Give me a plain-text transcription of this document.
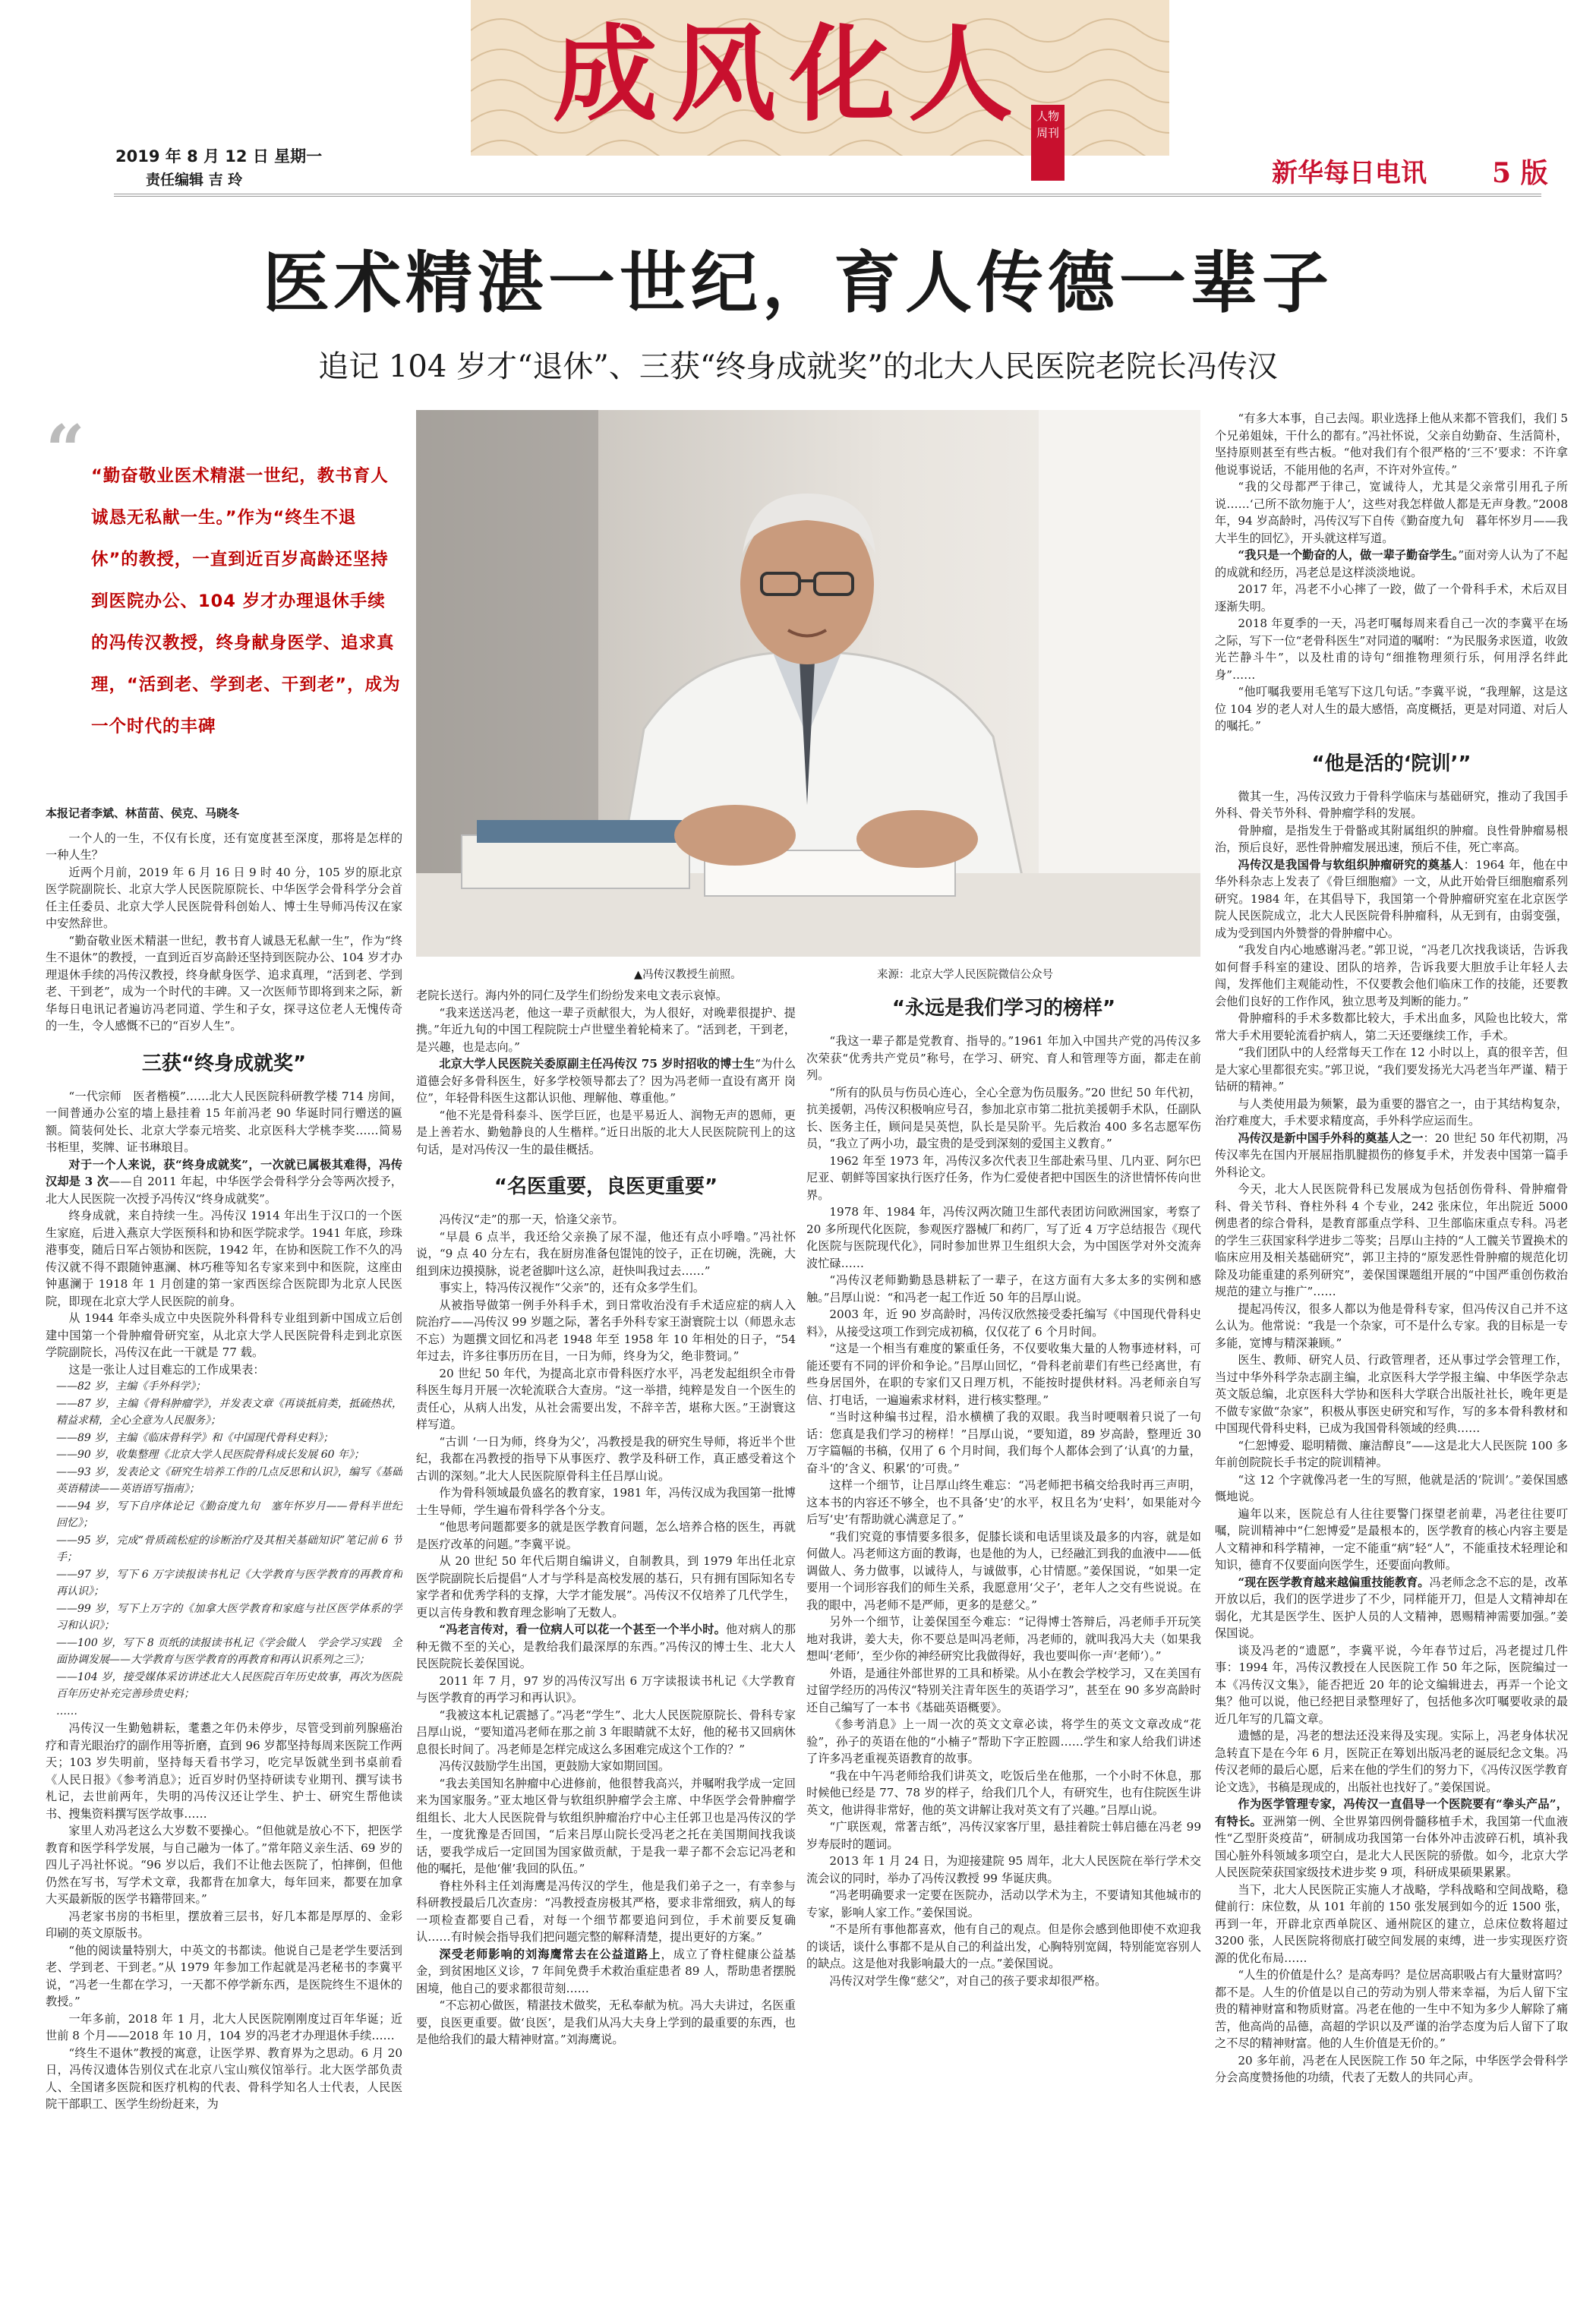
成风化人 人物周刊
2019 年 8 月 12 日 星期一
责任编辑 吉 玲	新华每日电讯 5 版
医术精湛一世纪，育人传德一辈子
追记 104 岁才“退休”、三获“终身成就奖”的北大人民医院老院长冯传汉
“ “勤奋敬业医术精湛一世纪，教书育人诚恳无私献一生。”作为“终生不退休”的教授，一直到近百岁高龄还坚持到医院办公、104 岁才办理退休手续的冯传汉教授，终身献身医学、追求真理，“活到老、学到老、干到老”，成为一个时代的丰碑
▲冯传汉教授生前照。	来源：北京大学人民医院微信公众号

本报记者李斌、林苗苗、侯克、马晓冬

一个人的一生，不仅有长度，还有宽度甚至深度，那将是怎样的一种人生？

近两个月前，2019 年 6 月 16 日 9 时 40 分，105 岁的原北京医学院副院长、北京大学人民医院原院长、中华医学会骨科学分会首任主任委员、北京大学人民医院骨科创始人、博士生导师冯传汉在家中安然辞世。

“勤奋敬业医术精湛一世纪，教书育人诚恳无私献一生”，作为“终生不退休”的教授，一直到近百岁高龄还坚持到医院办公、104 岁才办理退休手续的冯传汉教授，终身献身医学、追求真理，“活到老、学到老、干到老”，成为一个时代的丰碑。又一次医师节即将到来之际，新华每日电讯记者遍访冯老同道、学生和子女，探寻这位老人无愧传奇的一生，令人感慨不已的“百岁人生”。

三获“终身成就奖”

“一代宗师　医者楷模”……北大人民医院科研教学楼 714 房间，一间普通办公室的墙上悬挂着 15 年前冯老 90 华诞时同行赠送的匾额。简装何处长、北京大学泰元培奖、北京医科大学桃李奖……简易书柜里，奖牌、证书琳琅目。

对于一个人来说，获“终身成就奖”，一次就已属极其难得，冯传汉却是 3 次——自 2011 年起，中华医学会骨科学分会等两次授予，北大人民医院一次授予冯传汉“终身成就奖”。

终身成就，来自持续一生。冯传汉 1914 年出生于汉口的一个医生家庭，后进入燕京大学医预科和协和医学院求学。1941 年底，珍珠港事变，随后日军占领协和医院，1942 年，在协和医院工作不久的冯传汉就不得不跟随钟惠澜、林巧稚等知名专家来到中和医院，这座由钟惠澜于 1918 年 1 月创建的第一家西医综合医院即为北京人民医院，即现在北京大学人民医院的前身。

从 1944 年牵头成立中央医院外科骨科专业组到新中国成立后创建中国第一个骨肿瘤骨研究室，从北京大学人民医院骨科走到北京医学院副院长，冯传汉在此一干就是 77 载。

这是一张让人过目难忘的工作成果表：

——82 岁，主编《手外科学》；

——87 岁，主编《骨科肿瘤学》，并发表文章《再谈抵肩类，抵硫热状，精益求精，全心全意为人民服务》；

——89 岁，主编《临床骨科学》和《中国现代骨科史料》；

——90 岁，收集整理《北京大学人民医院骨科成长发展 60 年》；

——93 岁，发表论文《研究生培养工作的几点反思和认识》，编写《基础英语精读——英语语写指南》；

——94 岁，写下自序体论记《勤奋度九旬　塞年怀岁月——骨科半世纪回忆》；

——95 岁，完成“骨质疏松症的诊断治疗及其相关基础知识”笔记前 6 节手；

——97 岁，写下 6 万字读报读书札记《大学教育与医学教育的再教育和再认识》；

——99 岁，写下上万字的《加拿大医学教育和家庭与社区医学体系的学习和认识》；

——100 岁，写下 8 页纸的读报读书札记《学会做人　学会学习实践　全面协调发展——大学教育与医学教育的再教育和再认识系列之三》；

——104 岁，接受媒体采访讲述北大人民医院百年历史故事，再次为医院百年历史补充完善珍贵史料；

……

冯传汉一生勤勉耕耘，耄耋之年仍未停步，尽管受到前列腺癌治疗和青光眼治疗的副作用等折磨，直到 96 岁都坚持每周来医院工作两天；103 岁失明前，坚持每天看书学习，吃完早饭就坐到书桌前看《人民日报》《参考消息》；近百岁时仍坚持研读专业期刊、撰写读书札记，去世前两年，失明的冯传汉还让学生、护士、研究生帮他读书、搜集资料撰写医学故事……

家里人劝冯老这么大岁数不要操心。“但他就是放心不下，把医学教育和医学科学发展，与自己融为一体了。”常年陪义亲生活、69 岁的四儿子冯社怀说。“96 岁以后，我们不让他去医院了，怕摔倒，但他仍然在写书，写学术文章，我都背在加拿大，每年回来，都要在加拿大买最新版的医学书籍带回来。”

冯老家书房的书柜里，摆放着三层书，好几本都是厚厚的、金彩印刷的英文原版书。

“他的阅读量特别大，中英文的书都读。他说自己是老学生要活到老、学到老、干到老。”从 1979 年参加工作起就是冯老秘书的李冀平说，“冯老一生都在学习，一天都不停学新东西，是医院终生不退休的教授。”

一年多前，2018 年 1 月，北大人民医院刚刚度过百年华诞；近世前 8 个月——2018 年 10 月，104 岁的冯老才办理退休手续……

“终生不退休”教授的寓意，让医学界、教育界为之思动。6 月 20 日，冯传汉遗体告别仪式在北京八宝山殡仪馆举行。北大医学部负责人、全国诸多医院和医疗机构的代表、骨科学知名人士代表，人民医院干部职工、医学生纷纷赶来，为

老院长送行。海内外的同仁及学生们纷纷发来电文表示哀悼。

“我来送送冯老，他这一辈子贡献很大，为人很好，对晚辈很提护、提携。”年近九旬的中国工程院院士卢世璧坐着轮椅来了。“活到老，干到老，是兴趣，也是志向。”

北京大学人民医院关委原副主任冯传汉 75 岁时招收的博士生“为什么道德会好多骨科医生，好多学校领导都去了？因为冯老师一直设有离开 岗位”，年轻骨科医生这都认识他、理解他、尊重他。”

“他不光是骨科泰斗、医学巨匠，也是平易近人、润物无声的恩师，更是上善若水、勤勉静良的人生楷样。”近日出版的北大人民医院院刊上的这句话，是对冯传汉一生的最佳概括。

“名医重要，良医更重要”

冯传汉“走”的那一天，恰逢父亲节。

“早晨 6 点半，我还给父亲换了尿不湿，他还有点小呼噜。”冯社怀说，“9 点 40 分左右，我在厨房准备包馄饨的饺子，正在切碗，洗碗，大组到床边摸摸脉，说老爸脚叶这么凉，赶快叫我过去……”

事实上，特冯传汉视作“父亲”的，还有众多学生们。

从被指导做第一例手外科手术，到日常收治没有手术适应症的病人入院治疗——冯传汉 99 岁题之际，著名手外科专家王澍寰院士以（师恩永志不忘）为题撰文回忆和冯老 1948 年至 1958 年 10 年相处的日子，“54 年过去，许多往事历历在目，一日为师，终身为父，绝非赘词。”

20 世纪 50 年代，为提高北京市骨科医疗水平，冯老发起组织全市骨科医生每月开展一次轮流联合大查房。“这一举措，纯粹是发自一个医生的责任心，从病人出发，从社会需要出发，不辞辛苦，堪称大医。”王澍寰这样写道。

“古训 ‘一日为师，终身为父’，冯教授是我的研究生导师，将近半个世纪，我都在冯教授的指导下从事医疗、教学及科研工作，真正感受着这个古训的深刻。”北大人民医院原骨科主任吕厚山说。

作为骨科领域最负盛名的教育家，1981 年，冯传汉成为我国第一批博士生导师，学生遍布骨科学各个分支。

“他思考问题都要多的就是医学教育问题，怎么培养合格的医生，再就是医疗改革的问题。”李冀平说。

从 20 世纪 50 年代后期自编讲义，自制教具，到 1979 年出任北京医学院副院长后提倡“人才与学科是高校发展的基石，只有拥有国际知名专家学者和优秀学科的支撑，大学才能发展”。冯传汉不仅培养了几代学生，更以言传身教和教育理念影响了无数人。

“冯老言传对，看一位病人可以花一个甚至一个半小时。他对病人的那种无微不至的关心，是教给我们最深厚的东西。”冯传汉的博士生、北大人民医院院长姜保国说。

2011 年 7 月，97 岁的冯传汉写出 6 万字读报读书札记《大学教育与医学教育的再学习和再认识》。

“我被这本札记震撼了。”冯老“学生”、北大人民医院原院长、骨科专家吕厚山说，“要知道冯老师在那之前 3 年眼睛就不太好，他的秘书又回病休息很长时间了。冯老师是怎样完成这么多困难完成这个工作的？”

冯传汉鼓励学生出国，更鼓励大家如期回国。

“我去美国知名肿瘤中心进修前，他很替我高兴，并嘱咐我学成一定回来为国家服务。”亚太地区骨与软组织肿瘤学会主席、中华医学会骨肿瘤学组组长、北大人民医院骨与软组织肿瘤治疗中心主任郭卫也是冯传汉的学生，一度犹豫是否回国，“后来吕厚山院长受冯老之托在美国期间找我谈话，要我学成后一定回国为国家做贡献，于是我一辈子都不会忘记冯老和他的嘱托，是他‘催’我回的队伍。”

脊柱外科主任刘海鹰是冯传汉的学生，他是我们弟子之一，有幸参与科研教授最后几次查房：“冯教授查房极其严格，要求非常细致，病人的每一项检查都要自己看，对每一个细节都要追问到位，手术前要反复确认……有时候会指导我们把问题完整的解释清楚，提出更好的方案。”

深受老师影响的刘海鹰常去在公益道路上，成立了脊柱健康公益基金，到贫困地区义诊，7 年间免费手术救治重症患者 89 人，帮助患者摆脱困境，他自己的要求都很苛刻……

“不忘初心做医，精湛技术做奖，无私奉献为杭。冯大夫讲过，名医重要，良医更重要。做‘良医’，是我们从冯大夫身上学到的最重要的东西，也是他给我们的最大精神财富。”刘海鹰说。

“永远是我们学习的榜样”

“我这一辈子都是党教育、指导的。”1961 年加入中国共产党的冯传汉多次荣获“优秀共产党员”称号，在学习、研究、育人和管理等方面，都走在前列。

“所有的队员与伤员心连心，全心全意为伤员服务。”20 世纪 50 年代初，抗美援朝，冯传汉积极响应号召，参加北京市第二批抗美援朝手术队，任副队长、医务主任，顾问是吴英恺，队长是吴阶平。先后救治 400 多名志愿军伤员，“我立了两小功，最宝贵的是受到深刻的爱国主义教育。”

1962 年至 1973 年，冯传汉多次代表卫生部赴索马里、几内亚、阿尔巴尼亚、朝鲜等国家执行医疗任务，作为仁爱使者把中国医生的济世情怀传向世界。

1978 年、1984 年，冯传汉两次随卫生部代表团访问欧洲国家，考察了 20 多所现代化医院，参观医疗器械厂和药厂，写了近 4 万字总结报告《现代化医院与医院现代化》，同时参加世界卫生组织大会，为中国医学对外交流奔波忙碌……

“冯传汉老师勤勤恳恳耕耘了一辈子，在这方面有大多太多的实例和感触。”吕厚山说：“和冯老一起工作近 50 年的吕厚山说。

2003 年，近 90 岁高龄时，冯传汉欣然接受委托编写《中国现代骨科史料》，从接受这项工作到完成初稿，仅仅花了 6 个月时间。

“这是一个相当有难度的繁重任务，不仅要收集大量的人物事迹材料，可能还要有不同的评价和争论。”吕厚山回忆，“骨科老前辈们有些已经离世，有些身居国外，在职的专家们又日理万机，不能按时提供材料。冯老师亲自写信、打电话，一遍遍索求材料，进行核实整理。”

“当时这种编书过程，沿水横横了我的双眼。我当时哽咽着只说了一句话：您真是我们学习的榜样！”吕厚山说，“要知道，89 岁高龄，整理近 30 万字篇幅的书稿，仅用了 6 个月时间，我们每个人都体会到了‘认真’的力量，奋斗‘的’含义、积累‘的’可贵。”

这样一个细节，让吕厚山终生难忘：“冯老师把书稿交给我时再三声明，这本书的内容还不够全，也不具备‘史’的水平，权且名为‘史料’，如果能对今后写‘史’有帮助就心满意足了。”

“我们究竟的事情要多很多，促膝长谈和电话里谈及最多的内容，就是如何做人。冯老师这方面的教诲，也是他的为人，已经融汇到我的血液中——低调做人、务力做事，以诚待人，与诚做事，心甘情愿。”姜保国说，“如果一定要用一个词形容我们的师生关系，我愿意用‘父子’，老年人之交有些说说。在我的眼中，冯老师不是严师，更多的是慈父。”

另外一个细节，让姜保国至今难忘：“记得博士答辩后，冯老师手开玩笑地对我讲，姜大夫，你不要总是叫冯老师，冯老师的，就叫我冯大夫（如果我想叫‘老师’，至少你的神经研究比我做得好，我也要叫你一声‘老师’）。”

外语，是通往外部世界的工具和桥梁。从小在教会学校学习，又在美国有过留学经历的冯传汉“特别关注青年医生的英语学习”，甚至在 90 多岁高龄时还自己编写了一本书《基础英语概要》。

《参考消息》上一周一次的英文文章必读，将学生的英文文章改成“花验”，孙子的英语在他的“小楠子”帮助下字正腔圆……学生和家人给我们讲述了许多冯老重视英语教育的故事。

“我在中午冯老师给我们讲英文，吃饭后坐在他那，一个小时不休息，那时候他已经是 77、78 岁的样子，给我们几个人，有研究生，也有住院医生讲英文，他讲得非常好，他的英文讲解让我对英文有了兴趣。”吕厚山说。

“广联医观，常著吉纸”，冯传汉家客厅里，悬挂着院士韩启德在冯老 99 岁寿辰时的题词。

2013 年 1 月 24 日，为迎接建院 95 周年，北大人民医院在举行学术交流会议的同时，举办了冯传汉教授 99 华诞庆典。

“冯老明确要求一定要在医院办，活动以学术为主，不要请知其他城市的专家，影响人家工作。”姜保国说。

“不是所有事他都喜欢，他有自己的观点。但是你会感到他即使不欢迎我的谈话，谈什么事都不是从自己的利益出发，心胸特别宽阔，特别能宽容别人的缺点。这是他对我影响最大的一点。”姜保国说。

冯传汉对学生像“慈父”，对自己的孩子要求却很严格。

“有多大本事，自己去闯。职业选择上他从来都不管我们，我们 5 个兄弟姐妹，干什么的都有。”冯社怀说，父亲自幼勤奋、生活简朴，坚持原则甚至有些古板。“他对我们有个很严格的‘三不’要求：不许拿他说事说话，不能用他的名声，不许对外宣传。”

“我的父母都严于律己，宽诚待人，尤其是父亲常引用孔子所说……‘己所不欲勿施于人’，这些对我怎样做人都是无声身教。”2008 年，94 岁高龄时，冯传汉写下自传《勤奋度九旬　暮年怀岁月——我大半生的回忆》，开头就这样写道。

“我只是一个勤奋的人，做一辈子勤奋学生。”面对旁人认为了不起的成就和经历，冯老总是这样淡淡地说。

2017 年，冯老不小心摔了一跤，做了一个骨科手术，术后双目逐渐失明。

2018 年夏季的一天，冯老叮嘱每周来看自己一次的李冀平在场之际，写下一位“老骨科医生”对同道的嘱咐：“为民服务求医道，收敛光芒静斗牛”，以及杜甫的诗句“细推物理须行乐，何用浮名绊此身”……

“他叮嘱我要用毛笔写下这几句话。”李冀平说，“我理解，这是这位 104 岁的老人对人生的最大感悟，高度概括，更是对同道、对后人的嘱托。”

“他是活的‘院训’”

微其一生，冯传汉致力于骨科学临床与基础研究，推动了我国手外科、骨关节外科、骨肿瘤学科的发展。

骨肿瘤，是指发生于骨骼或其附属组织的肿瘤。良性骨肿瘤易根治，预后良好，恶性骨肿瘤发展迅速，预后不佳，死亡率高。

冯传汉是我国骨与软组织肿瘤研究的奠基人：1964 年，他在中华外科杂志上发表了《骨巨细胞瘤》一文，从此开始骨巨细胞瘤系列研究。1984 年，在其倡导下，我国第一个骨肿瘤研究室在北京医学院人民医院成立，北大人民医院骨科肿瘤科，从无到有，由弱变强，成为受到国内外赞誉的骨肿瘤中心。

“我发自内心地感谢冯老。”郭卫说，“冯老几次找我谈话，告诉我如何督手科室的建设、团队的培养，告诉我要大胆放手让年轻人去闯，发挥他们主观能动性，不仅要教会他们临床工作的技能，还要教会他们良好的工作作风，独立思考及判断的能力。”

骨肿瘤科的手术多数都比较大，手术出血多，风险也比较大，常常大手术用要轮流看护病人，第二天还要继续工作，手术。

“我们团队中的人经常每天工作在 12 小时以上，真的很辛苦，但是大家心里都很充实。”郭卫说，“我们要发扬光大冯老当年严谨、精于钻研的精神。”

与人类使用最为频繁，最为重要的器官之一，由于其结构复杂，治疗难度大，手术要求精度高，手外科学应运而生。

冯传汉是新中国手外科的奠基人之一：20 世纪 50 年代初期，冯传汉率先在国内开展屈指肌腱损伤的修复手术，并发表中国第一篇手外科论文。

今天，北大人民医院骨科已发展成为包括创伤骨科、骨肿瘤骨科、骨关节科、脊柱外科 4 个专业，242 张床位，年出院近 5000 例患者的综合骨科，是教育部重点学科、卫生部临床重点专科。冯老的学生三获国家科学进步二等奖；吕厚山主持的“人工髋关节置换术的临床应用及相关基础研究”，郭卫主持的“原发恶性骨肿瘤的规范化切除及功能重建的系列研究”，姜保国课题组开展的“中国严重创伤救治规范的建立与推广”……

提起冯传汉，很多人都以为他是骨科专家，但冯传汉自己并不这么认为。他常说：“我是一个杂家，可不是什么专家。我的目标是一专多能，宽博与精深兼顾。”

医生、教师、研究人员、行政管理者，还从事过学会管理工作，当过中华外科学杂志副主编，北京医科大学学报主编、中华医学杂志英文版总编，北京医科大学协和医科大学联合出版社社长，晚年更是不做专家做“杂家”，积极从事医史研究和写作，写的多本骨科教材和中国现代骨科史料，已成为我国骨科领域的经典……

“仁恕博爱、聪明精微、廉洁醇良”——这是北大人民医院 100 多年前创院院长手书定的院训精神。

“这 12 个字就像冯老一生的写照，他就是活的‘院训’。”姜保国感慨地说。

遍年以来，医院总有人往往要警门探望老前辈，冯老往往要叮嘱，院训精神中“仁恕博爱”是最根本的，医学教育的核心内容主要是人文精神和科学精神，一定不能重“病”轻“人”，不能重技术轻理论和知识，德育不仅要面向医学生，还要面向教师。

“现在医学教育越来越偏重技能教育。冯老师念念不忘的是，改革开放以后，我们的医学进步了不少，同样能开刀，但是人文精神却在弱化，尤其是医学生、医护人员的人文精神，恩赐精神需要加强。”姜保国说。

谈及冯老的“遗愿”，李冀平说，今年春节过后，冯老提过几件事：1994 年，冯传汉教授在人民医院工作 50 年之际，医院编过一本《冯传汉文集》，能否把近 20 年的论文编辑进去，再弄一个论文集？他可以说，他已经把目录整理好了，包括他多次叮嘱要收录的最近几年写的几篇文章。

遗憾的是，冯老的想法还没来得及实现。实际上，冯老身体状况急转直下是在今年 6 月，医院正在筹划出版冯老的诞辰纪念文集。冯传汉老师的最后心愿，后来在他的学生们的努力下，《冯传汉医学教育论文选》，书稿是现成的，出版社也找好了。”姜保国说。

作为医学管理专家，冯传汉一直倡导一个医院要有“拳头产品”，有特长。亚洲第一例、全世界第四例骨髓移植手术，我国第一代血液性“乙型肝炎疫苗”，研制成功我国第一台体外冲击波碎石机，填补我国心脏外科领域多项空白，是北大人民医院的骄傲。如今，北京大学人民医院荣获国家级技术进步奖 9 项，科研成果硕果累累。

当下，北大人民医院正实施人才战略，学科战略和空间战略，稳健前行：床位数，从 101 年前的 150 张发展到如今的近 1500 张，再到一年，开辟北京西单院区、通州院区的建立，总床位数将超过 3200 张，人民医院将彻底打破空间发展的束缚，进一步实现医疗资源的优化布局……

“人生的价值是什么？是高寿吗？是位居高职吸占有大量财富吗？都不是。人生的价值是以自己的劳动为别人带来幸福，为后人留下宝贵的精神财富和物质财富。冯老在他的一生中不知为多少人解除了痛苦，他高尚的品德，高超的学识以及严谨的治学态度为后人留下了取之不尽的精神财富。他的人生价值是无价的。”

20 多年前，冯老在人民医院工作 50 年之际，中华医学会骨科学分会高度赞扬他的功绩，代表了无数人的共同心声。
